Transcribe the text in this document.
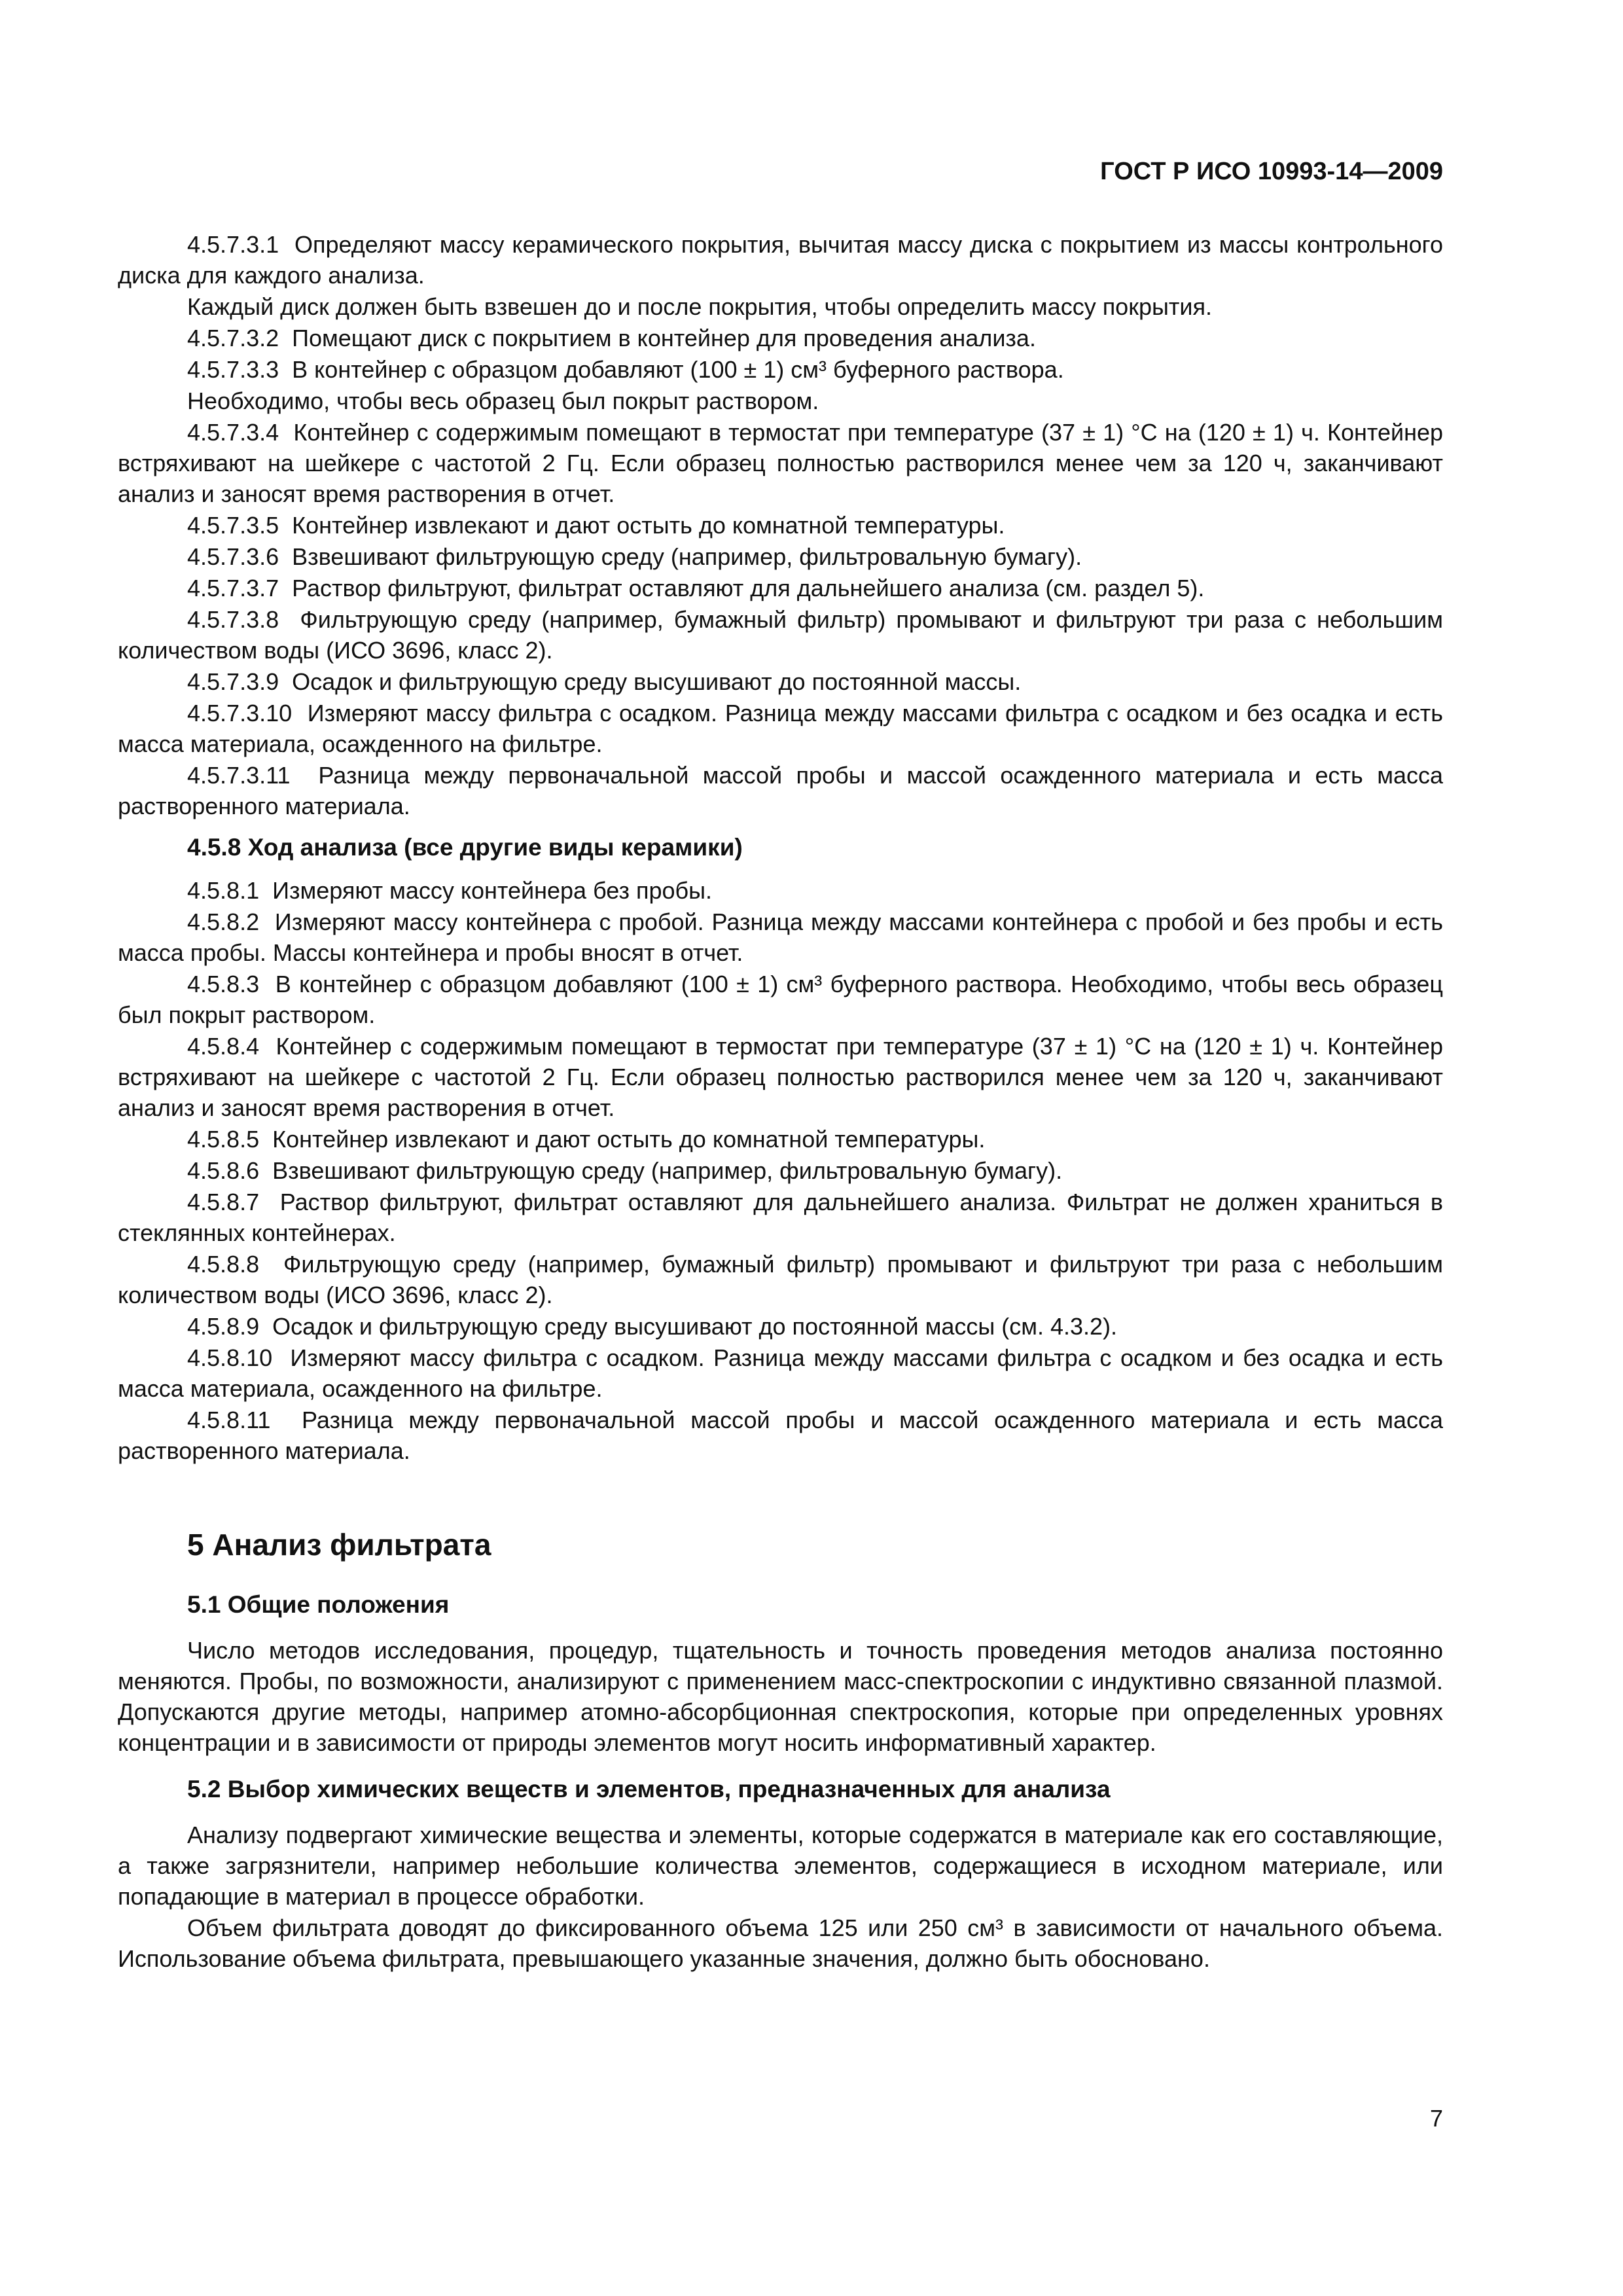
ГОСТ Р ИСО 10993-14—2009

4.5.7.3.1 Определяют массу керамического покрытия, вычитая массу диска с покрытием из массы контрольного диска для каждого анализа.

Каждый диск должен быть взвешен до и после покрытия, чтобы определить массу покрытия.

4.5.7.3.2 Помещают диск с покрытием в контейнер для проведения анализа.

4.5.7.3.3 В контейнер с образцом добавляют (100 ± 1) см³ буферного раствора.

Необходимо, чтобы весь образец был покрыт раствором.

4.5.7.3.4 Контейнер с содержимым помещают в термостат при температуре (37 ± 1) °С на (120 ± 1) ч. Контейнер встряхивают на шейкере с частотой 2 Гц. Если образец полностью растворился менее чем за 120 ч, заканчивают анализ и заносят время растворения в отчет.

4.5.7.3.5 Контейнер извлекают и дают остыть до комнатной температуры.

4.5.7.3.6 Взвешивают фильтрующую среду (например, фильтровальную бумагу).

4.5.7.3.7 Раствор фильтруют, фильтрат оставляют для дальнейшего анализа (см. раздел 5).

4.5.7.3.8 Фильтрующую среду (например, бумажный фильтр) промывают и фильтруют три раза с небольшим количеством воды (ИСО 3696, класс 2).

4.5.7.3.9 Осадок и фильтрующую среду высушивают до постоянной массы.

4.5.7.3.10 Измеряют массу фильтра с осадком. Разница между массами фильтра с осадком и без осадка и есть масса материала, осажденного на фильтре.

4.5.7.3.11 Разница между первоначальной массой пробы и массой осажденного материала и есть масса растворенного материала.

4.5.8 Ход анализа (все другие виды керамики)

4.5.8.1 Измеряют массу контейнера без пробы.

4.5.8.2 Измеряют массу контейнера с пробой. Разница между массами контейнера с пробой и без пробы и есть масса пробы. Массы контейнера и пробы вносят в отчет.

4.5.8.3 В контейнер с образцом добавляют (100 ± 1) см³ буферного раствора. Необходимо, чтобы весь образец был покрыт раствором.

4.5.8.4 Контейнер с содержимым помещают в термостат при температуре (37 ± 1) °С на (120 ± 1) ч. Контейнер встряхивают на шейкере с частотой 2 Гц. Если образец полностью растворился менее чем за 120 ч, заканчивают анализ и заносят время растворения в отчет.

4.5.8.5 Контейнер извлекают и дают остыть до комнатной температуры.

4.5.8.6 Взвешивают фильтрующую среду (например, фильтровальную бумагу).

4.5.8.7 Раствор фильтруют, фильтрат оставляют для дальнейшего анализа. Фильтрат не должен храниться в стеклянных контейнерах.

4.5.8.8 Фильтрующую среду (например, бумажный фильтр) промывают и фильтруют три раза с небольшим количеством воды (ИСО 3696, класс 2).

4.5.8.9 Осадок и фильтрующую среду высушивают до постоянной массы (см. 4.3.2).

4.5.8.10 Измеряют массу фильтра с осадком. Разница между массами фильтра с осадком и без осадка и есть масса материала, осажденного на фильтре.

4.5.8.11 Разница между первоначальной массой пробы и массой осажденного материала и есть масса растворенного материала.

5 Анализ фильтрата
5.1 Общие положения

Число методов исследования, процедур, тщательность и точность проведения методов анализа постоянно меняются. Пробы, по возможности, анализируют с применением масс-спектроскопии с индуктивно связанной плазмой. Допускаются другие методы, например атомно-абсорбционная спектроскопия, которые при определенных уровнях концентрации и в зависимости от природы элементов могут носить информативный характер.

5.2 Выбор химических веществ и элементов, предназначенных для анализа

Анализу подвергают химические вещества и элементы, которые содержатся в материале как его составляющие, а также загрязнители, например небольшие количества элементов, содержащиеся в исходном материале, или попадающие в материал в процессе обработки.

Объем фильтрата доводят до фиксированного объема 125 или 250 см³ в зависимости от начального объема. Использование объема фильтрата, превышающего указанные значения, должно быть обосновано.

7
